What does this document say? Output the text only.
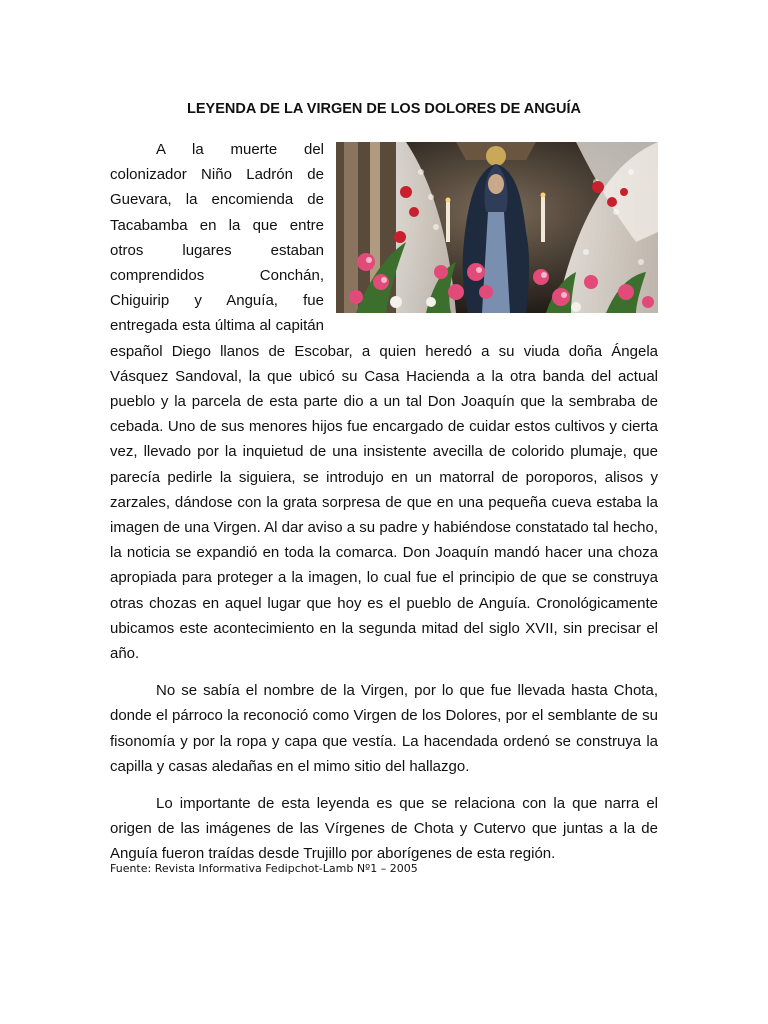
LEYENDA DE LA VIRGEN DE LOS DOLORES DE ANGUÍA

A la muerte del colonizador Niño Ladrón de Guevara, la encomienda de Tacabamba en la que entre otros lugares estaban comprendidos Conchán, Chiguirip y Anguía, fue entregada esta última al capitán español Diego llanos de Escobar, a quien heredó a su viuda doña Ángela Vásquez Sandoval, la que ubicó su Casa Hacienda a la otra banda del actual pueblo y la parcela de esta parte dio a un tal Don Joaquín que la sembraba de cebada. Uno de sus menores hijos fue encargado de cuidar estos cultivos y cierta vez, llevado por la inquietud de una insistente avecilla de colorido plumaje, que parecía pedirle la siguiera, se introdujo en un matorral de poroporos, alisos y zarzales, dándose con la grata sorpresa de que en una pequeña cueva estaba la imagen de una Virgen. Al dar aviso a su padre y habiéndose constatado tal hecho, la noticia se expandió en toda la comarca. Don Joaquín mandó hacer una choza apropiada para proteger a la imagen, lo cual fue el principio de que se construya otras chozas en aquel lugar que hoy es el pueblo de Anguía. Cronológicamente ubicamos este acontecimiento en la segunda mitad del siglo XVII, sin precisar el año.

No se sabía el nombre de la Virgen, por lo que fue llevada hasta Chota, donde el párroco la reconoció como Virgen de los Dolores, por el semblante de su fisonomía y por la ropa y capa que vestía. La hacendada ordenó se construya la capilla y casas aledañas en el mimo sitio del hallazgo.

Lo importante de esta leyenda es que se relaciona con la que narra el origen de las imágenes de las Vírgenes de Chota y Cutervo que juntas a la de Anguía fueron traídas desde Trujillo por aborígenes de esta región.

Fuente: Revista Informativa Fedipchot-Lamb Nº1 – 2005
